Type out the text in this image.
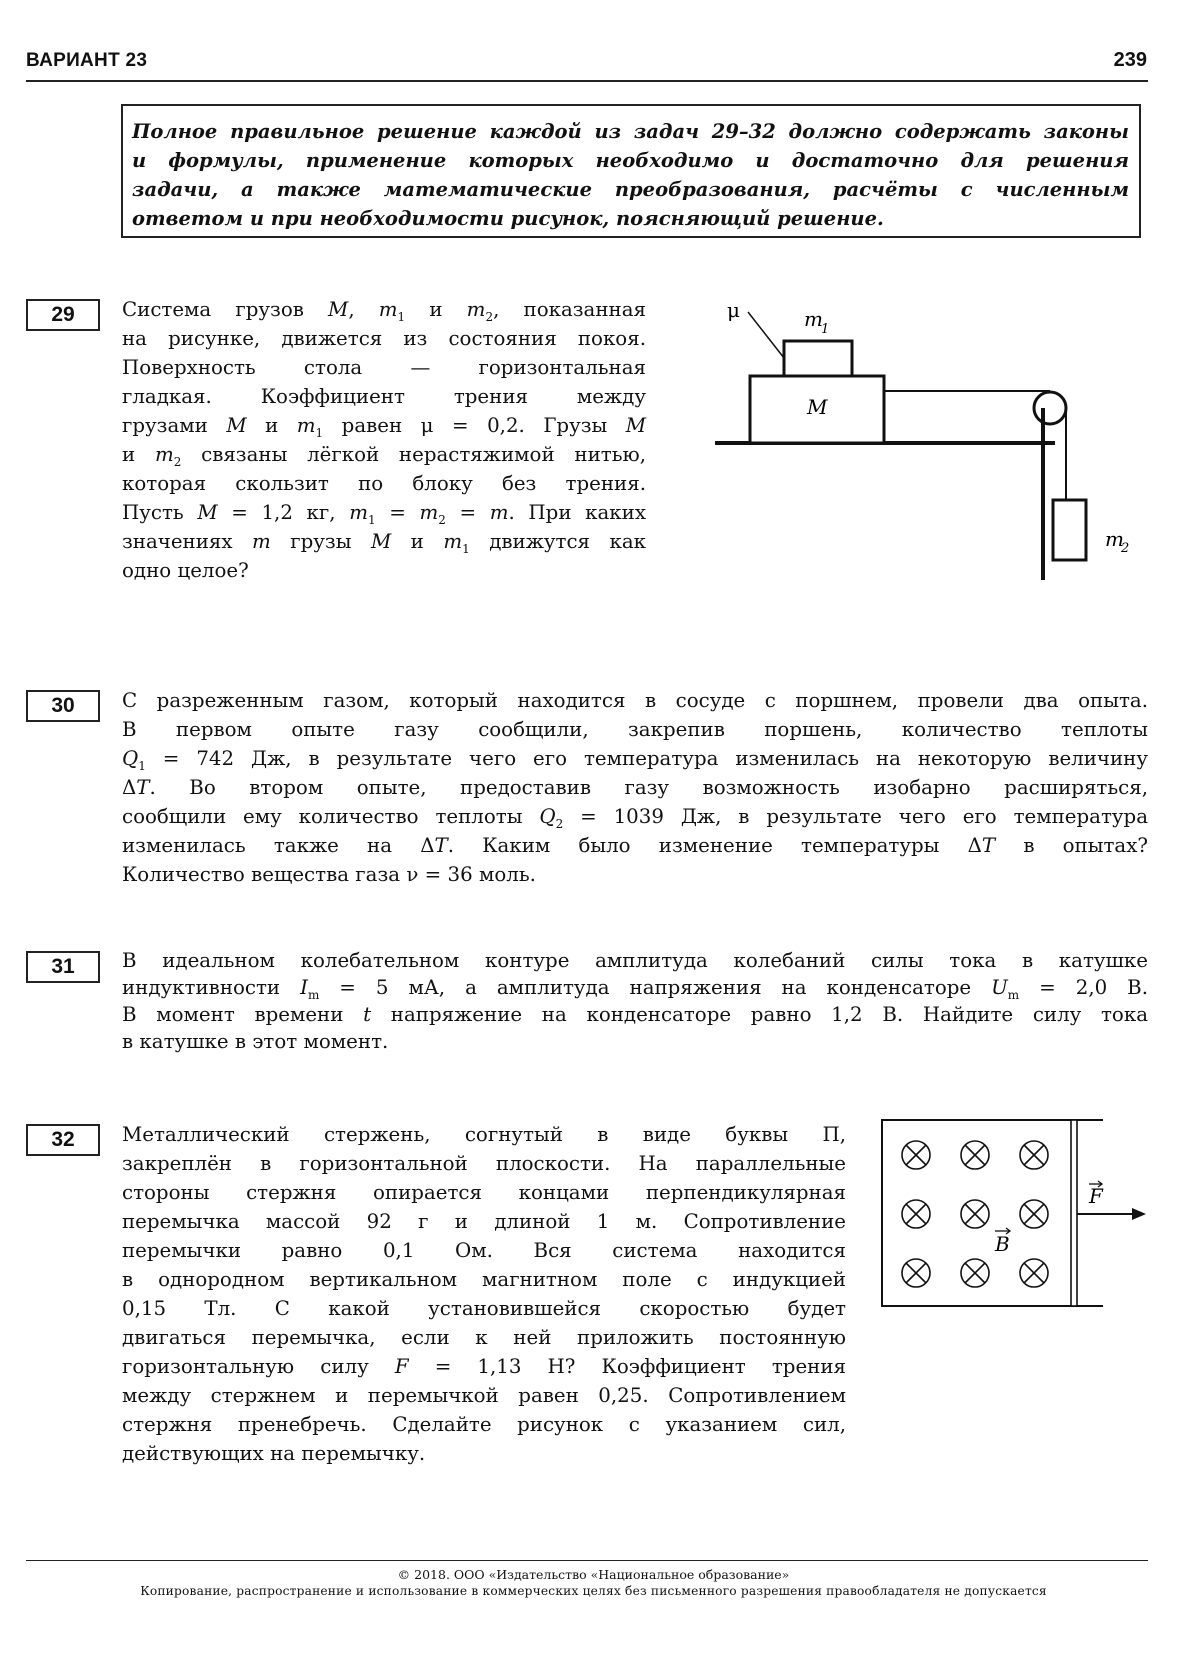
ВАРИАНТ 23	239
Полное правильное решение каждой из задач 29–32 должно содержать законы
и формулы, применение которых необходимо и достаточно для решения
задачи, а также математические преобразования, расчёты с численным
ответом и при необходимости рисунок, поясняющий решение.
29	Система грузов M, $m_1$ и $m_2$, показанная
на рисунке, движется из состояния покоя.
Поверхность стола — горизонтальная
гладкая. Коэффициент трения между
грузами M и $m_1$ равен μ = 0,2. Грузы M
и $m_2$ связаны лёгкой нерастяжимой нитью,
которая скользит по блоку без трения.
Пусть M = 1,2 кг, $m_1 = m_2 = m$. При каких
значениях m грузы M и $m_1$ движутся как
одно целое?
M
m
1
μ
m
2
30	С разреженным газом, который находится в сосуде с поршнем, провели два опыта.
В первом опыте газу сообщили, закрепив поршень, количество теплоты
$Q_1 = 742$ Дж, в результате чего его температура изменилась на некоторую величину
ΔT. Во втором опыте, предоставив газу возможность изобарно расширяться,
сообщили ему количество теплоты $Q_2 = 1039$ Дж, в результате чего его температура
изменилась также на ΔT. Каким было изменение температуры ΔT в опытах?
Количество вещества газа ν = 36 моль.
31	В идеальном колебательном контуре амплитуда колебаний силы тока в катушке
индуктивности $I_m = 5$ мА, а амплитуда напряжения на конденсаторе $U_m = 2,0$ В.
В момент времени t напряжение на конденсаторе равно 1,2 В. Найдите силу тока
в катушке в этот момент.
32	Металлический стержень, согнутый в виде буквы П,
закреплён в горизонтальной плоскости. На параллельные
стороны стержня опирается концами перпендикулярная
перемычка массой 92 г и длиной 1 м. Сопротивление
перемычки равно 0,1 Ом. Вся система находится
в однородном вертикальном магнитном поле с индукцией
0,15 Тл. С какой установившейся скоростью будет
двигаться перемычка, если к ней приложить постоянную
горизонтальную силу F = 1,13 Н? Коэффициент трения
между стержнем и перемычкой равен 0,25. Сопротивлением
стержня пренебречь. Сделайте рисунок с указанием сил,
действующих на перемычку.
B
F
© 2018. ООО «Издательство «Национальное образование»
Копирование, распространение и использование в коммерческих целях без письменного разрешения правообладателя не допускается
